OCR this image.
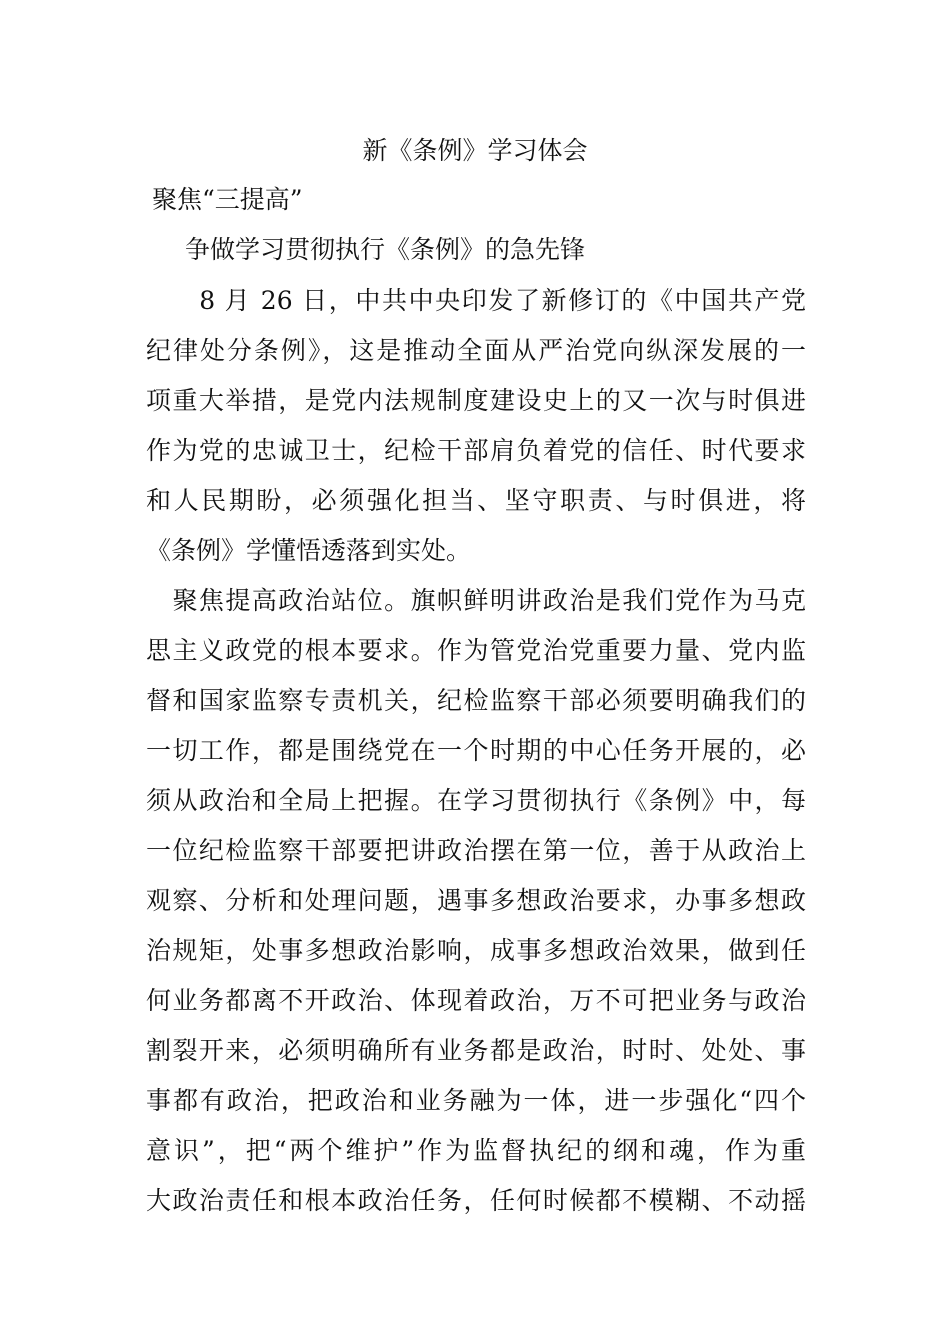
新《条例》学习体会
聚焦“三提高”
争做学习贯彻执行《条例》的急先锋
　　8 月 26 日，中共中央印发了新修订的《中国共产党
纪律处分条例》，这是推动全面从严治党向纵深发展的一
项重大举措，是党内法规制度建设史上的又一次与时俱进
作为党的忠诚卫士，纪检干部肩负着党的信任、时代要求
和人民期盼，必须强化担当、坚守职责、与时俱进，将
《条例》学懂悟透落到实处。
　聚焦提高政治站位。旗帜鲜明讲政治是我们党作为马克
思主义政党的根本要求。作为管党治党重要力量、党内监
督和国家监察专责机关，纪检监察干部必须要明确我们的
一切工作，都是围绕党在一个时期的中心任务开展的，必
须从政治和全局上把握。在学习贯彻执行《条例》中，每
一位纪检监察干部要把讲政治摆在第一位，善于从政治上
观察、分析和处理问题，遇事多想政治要求，办事多想政
治规矩，处事多想政治影响，成事多想政治效果，做到任
何业务都离不开政治、体现着政治，万不可把业务与政治
割裂开来，必须明确所有业务都是政治，时时、处处、事
事都有政治，把政治和业务融为一体，进一步强化“四个
意识”，把“两个维护”作为监督执纪的纲和魂，作为重
大政治责任和根本政治任务，任何时候都不模糊、不动摇
